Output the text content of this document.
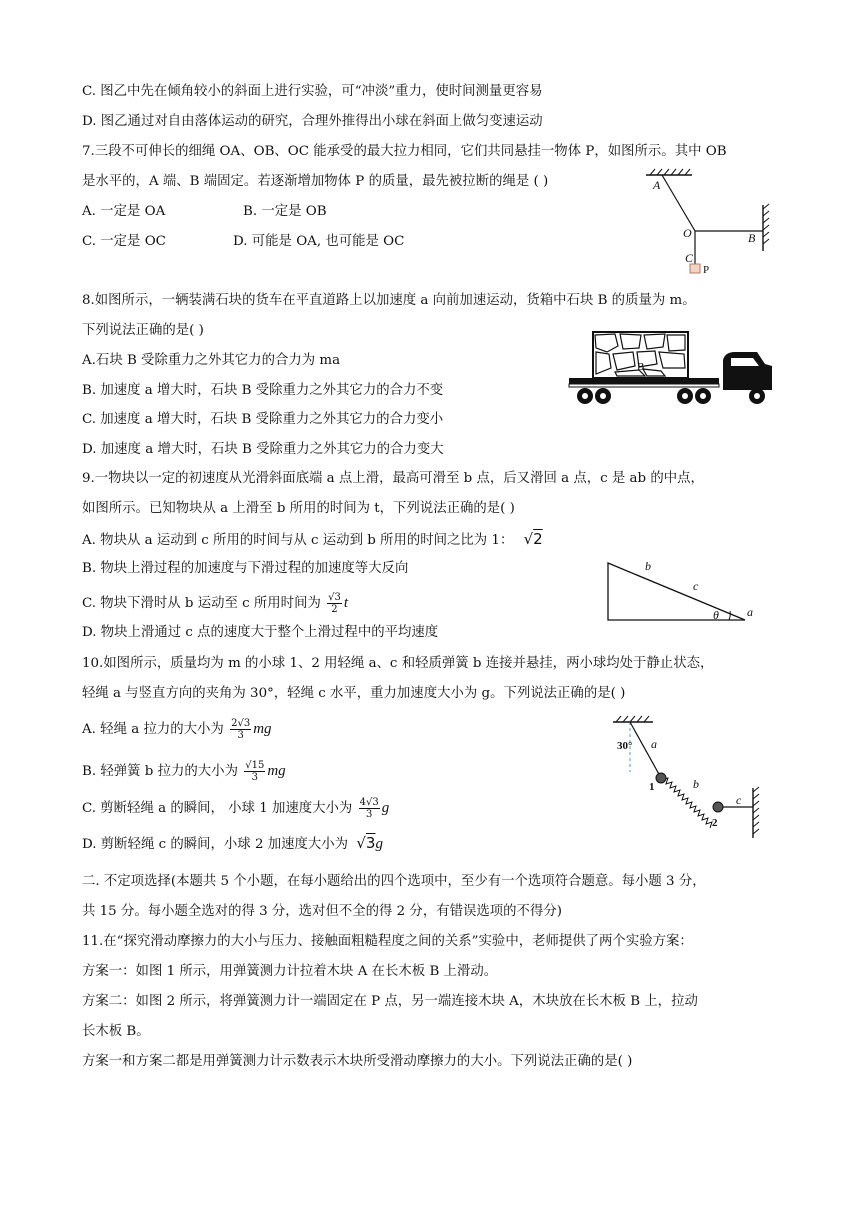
C. 图乙中先在倾角较小的斜面上进行实验，可“冲淡”重力，使时间测量更容易
D. 图乙通过对自由落体运动的研究，合理外推得出小球在斜面上做匀变速运动
7.三段不可伸长的细绳 OA、OB、OC 能承受的最大拉力相同，它们共同悬挂一物体 P，如图所示。其中 OB
是水平的，A 端、B 端固定。若逐渐增加物体 P 的质量，最先被拉断的绳是 ( )
A. 一定是 OA	B. 一定是 OB
C. 一定是 OC	D. 可能是 OA, 也可能是 OC
A
B
O
C
P
8.如图所示，一辆装满石块的货车在平直道路上以加速度 a 向前加速运动，货箱中石块 B 的质量为 m。
下列说法正确的是( )
A.石块 B 受除重力之外其它力的合力为 ma
B. 加速度 a 增大时，石块 B 受除重力之外其它力的合力不变
C. 加速度 a 增大时，石块 B 受除重力之外其它力的合力变小
D. 加速度 a 增大时，石块 B 受除重力之外其它力的合力变大
B
9.一物块以一定的初速度从光滑斜面底端 a 点上滑，最高可滑至 b 点，后又滑回 a 点，c 是 ab 的中点，
如图所示。已知物块从 a 上滑至 b 所用的时间为 t，下列说法正确的是( )
A. 物块从 a 运动到 c 所用的时间与从 c 运动到 b 所用的时间之比为 1： √2
B. 物块上滑过程的加速度与下滑过程的加速度等大反向
C. 物块下滑时从 b 运动至 c 所用时间为 $\frac{√3}{2}$ t
D. 物块上滑通过 c 点的速度大于整个上滑过程中的平均速度
b
c
a
θ
10.如图所示，质量均为 m 的小球 1、2 用轻绳 a、c 和轻质弹簧 b 连接并悬挂，两小球均处于静止状态，
轻绳 a 与竖直方向的夹角为 30°，轻绳 c 水平，重力加速度大小为 g。下列说法正确的是( )
A. 轻绳 a 拉力的大小为 $\frac{2√3}{3}$ mg
B. 轻弹簧 b 拉力的大小为 $\frac{√15}{3}$ mg
C. 剪断轻绳 a 的瞬间， 小球 1 加速度大小为 $\frac{4√3}{3}$ g
D. 剪断轻绳 c 的瞬间，小球 2 加速度大小为 √3g
30° a
b
c
1
2
二. 不定项选择(本题共 5 个小题，在每小题给出的四个选项中，至少有一个选项符合题意。每小题 3 分，
共 15 分。每小题全选对的得 3 分，选对但不全的得 2 分，有错误选项的不得分)
11.在“探究滑动摩擦力的大小与压力、接触面粗糙程度之间的关系”实验中，老师提供了两个实验方案：
方案一：如图 1 所示，用弹簧测力计拉着木块 A 在长木板 B 上滑动。
方案二：如图 2 所示，将弹簧测力计一端固定在 P 点，另一端连接木块 A，木块放在长木板 B 上，拉动
长木板 B。
方案一和方案二都是用弹簧测力计示数表示木块所受滑动摩擦力的大小。下列说法正确的是( )
